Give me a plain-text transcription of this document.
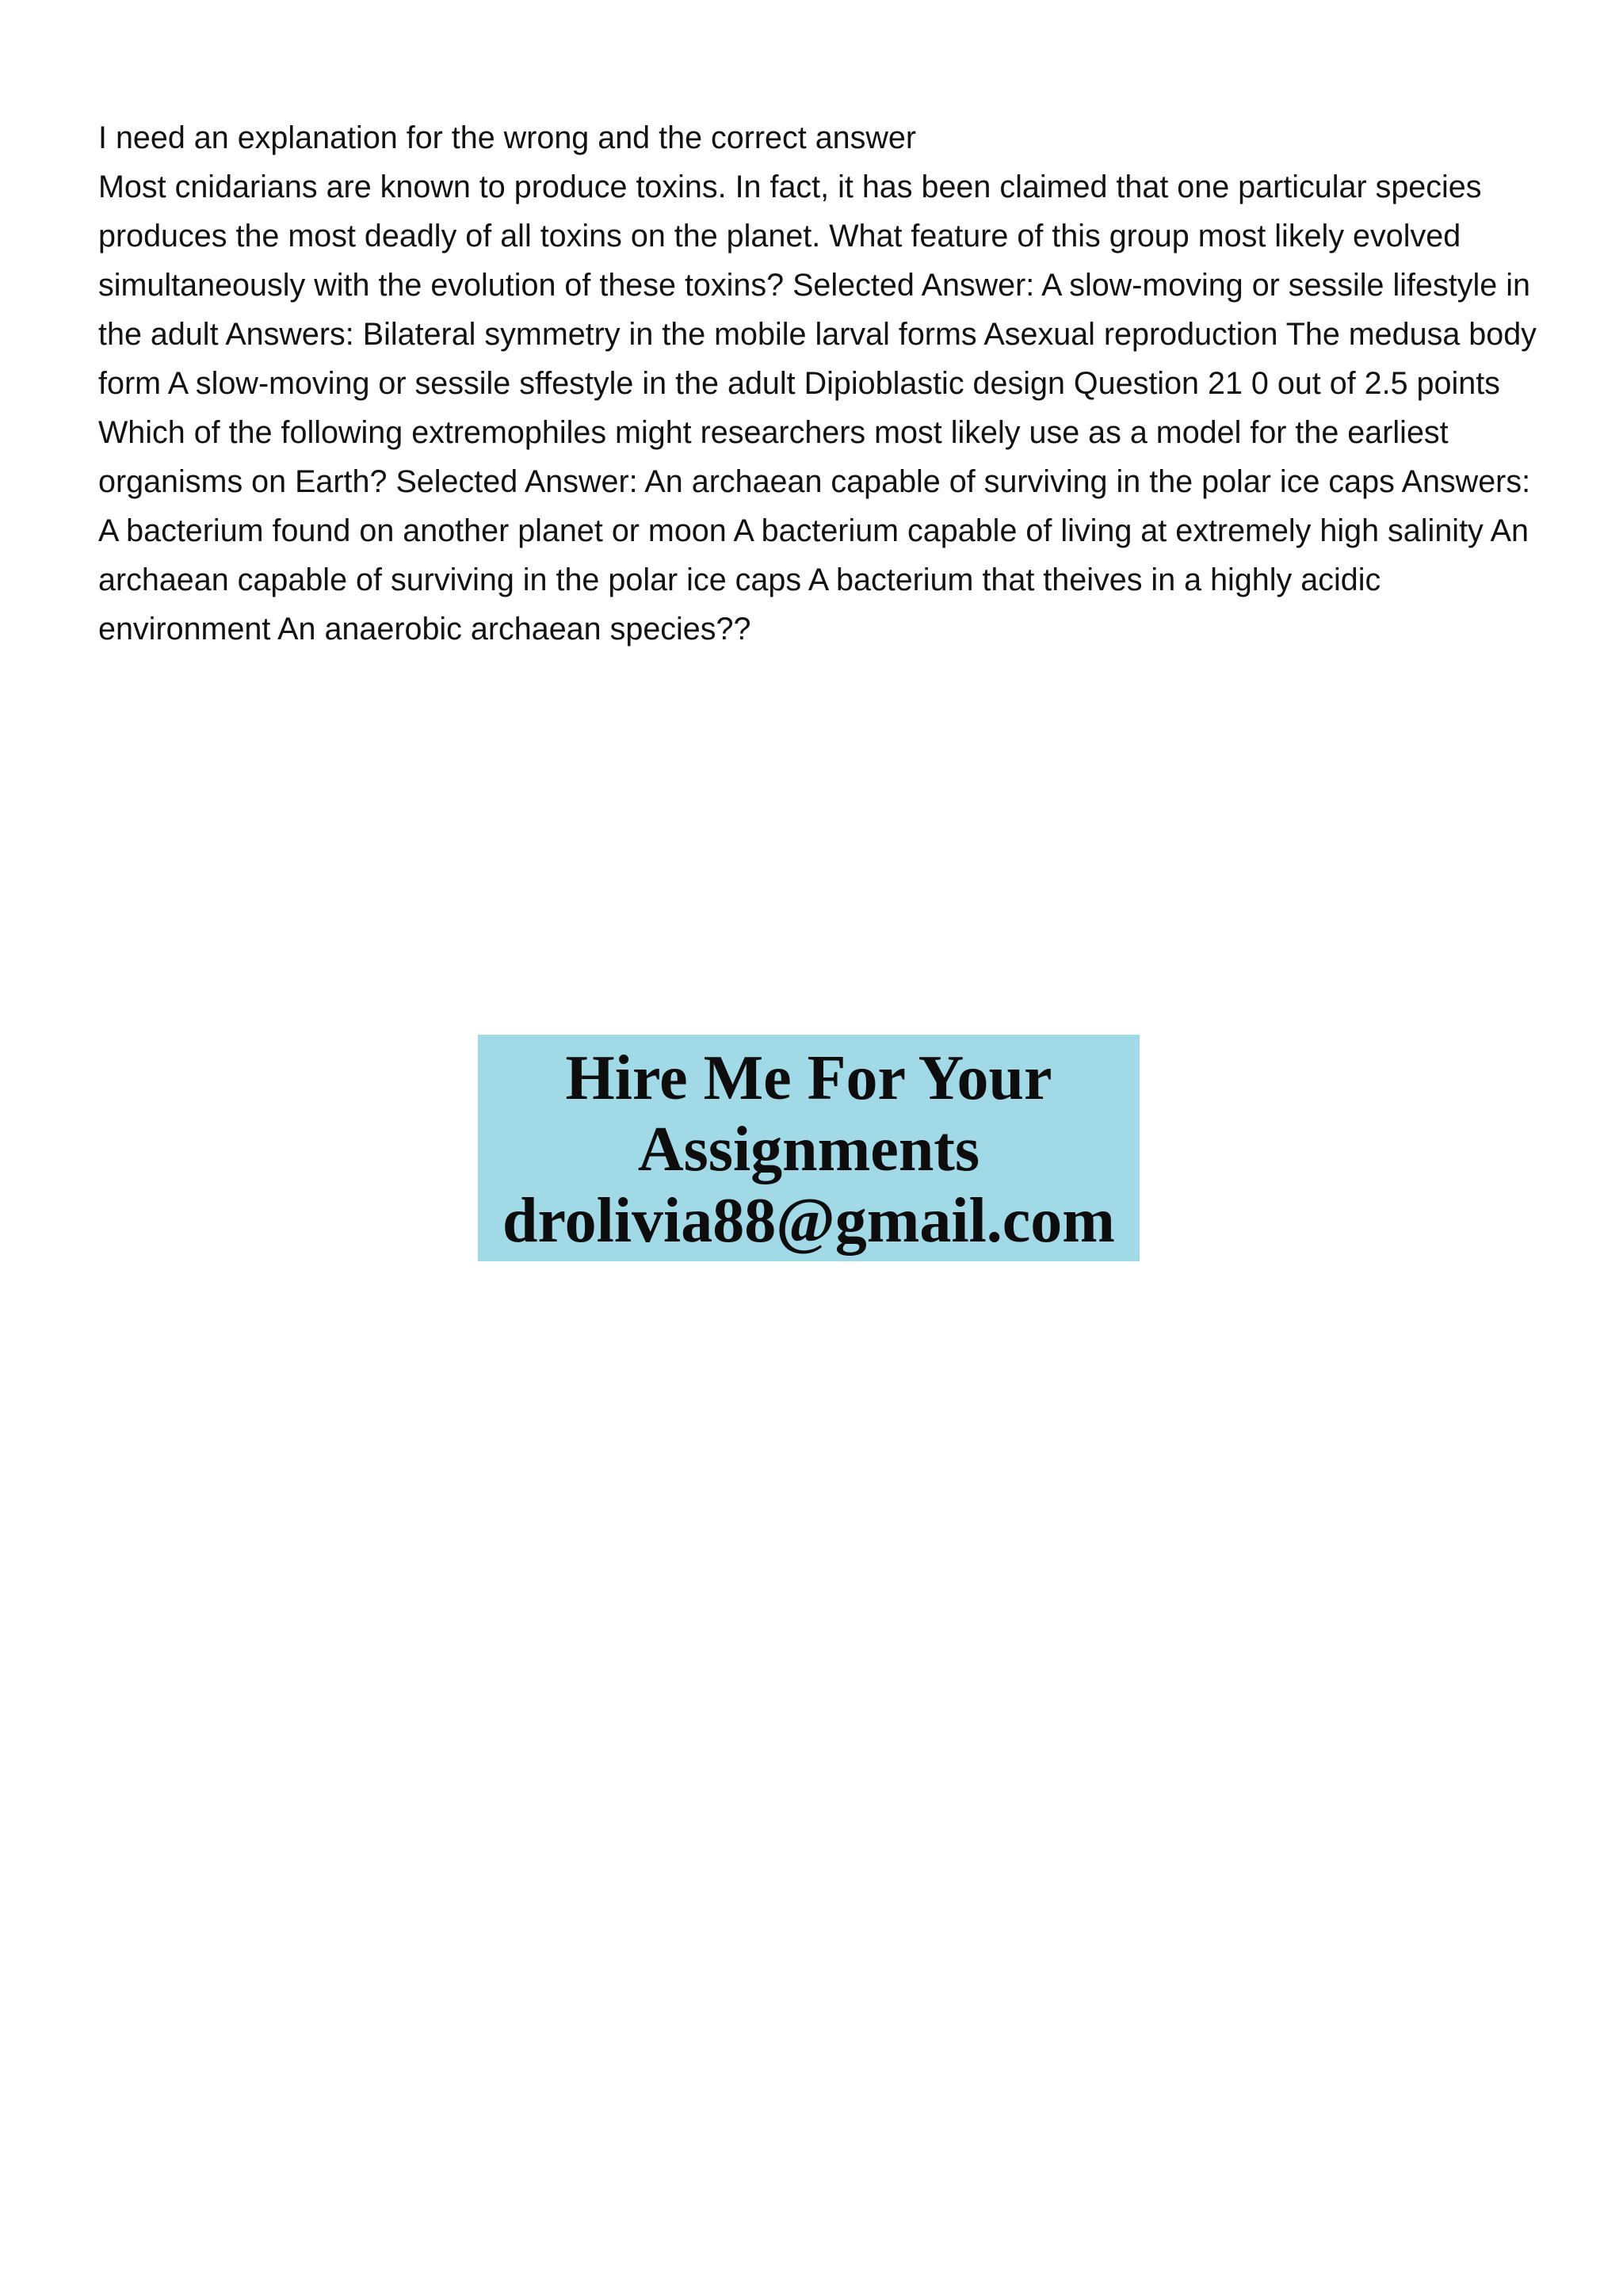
I need an explanation for the wrong and the correct answer

Most cnidarians are known to produce toxins. In fact, it has been claimed that one particular species produces the most deadly of all toxins on the planet. What feature of this group most likely evolved simultaneously with the evolution of these toxins? Selected Answer: A slow-moving or sessile lifestyle in the adult Answers: Bilateral symmetry in the mobile larval forms Asexual reproduction The medusa body form A slow-moving or sessile sffestyle in the adult Dipioblastic design Question 21 0 out of 2.5 points Which of the following extremophiles might researchers most likely use as a model for the earliest organisms on Earth? Selected Answer: An archaean capable of surviving in the polar ice caps Answers: A bacterium found on another planet or moon A bacterium capable of living at extremely high salinity An archaean capable of surviving in the polar ice caps A bacterium that theives in a highly acidic environment An anaerobic archaean species??

Hire Me For Your
Assignments
drolivia88@gmail.com
